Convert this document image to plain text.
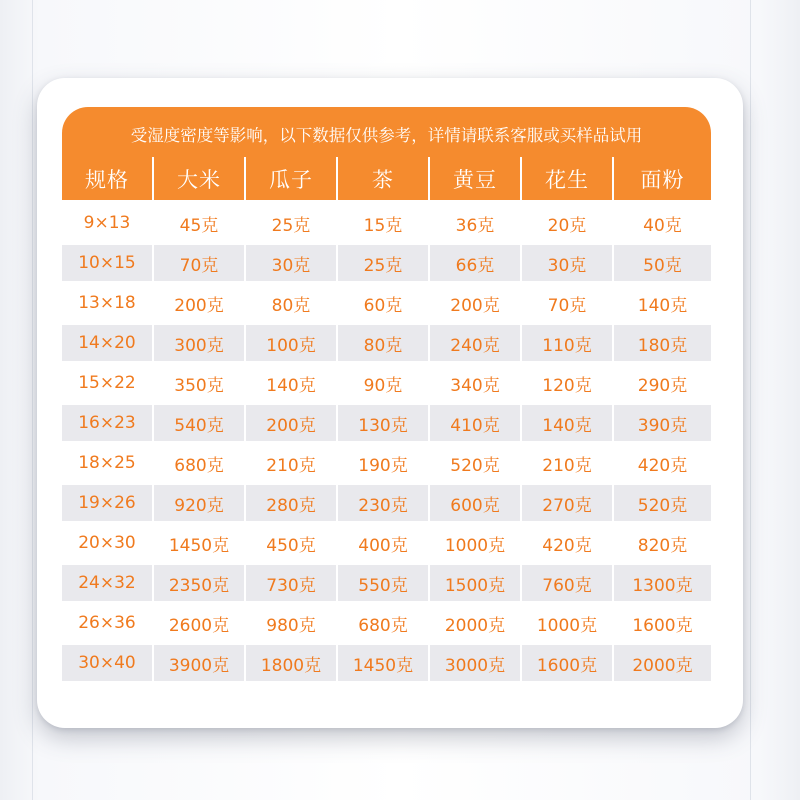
受湿度密度等影响，以下数据仅供参考，详情请联系客服或买样品试用
规格	大米	瓜子	茶	黄豆	花生	面粉
9×13	45克	25克	15克	36克	20克	40克
10×15	70克	30克	25克	66克	30克	50克
13×18	200克	80克	60克	200克	70克	140克
14×20	300克	100克	80克	240克	110克	180克
15×22	350克	140克	90克	340克	120克	290克
16×23	540克	200克	130克	410克	140克	390克
18×25	680克	210克	190克	520克	210克	420克
19×26	920克	280克	230克	600克	270克	520克
20×30	1450克	450克	400克	1000克	420克	820克
24×32	2350克	730克	550克	1500克	760克	1300克
26×36	2600克	980克	680克	2000克	1000克	1600克
30×40	3900克	1800克	1450克	3000克	1600克	2000克
